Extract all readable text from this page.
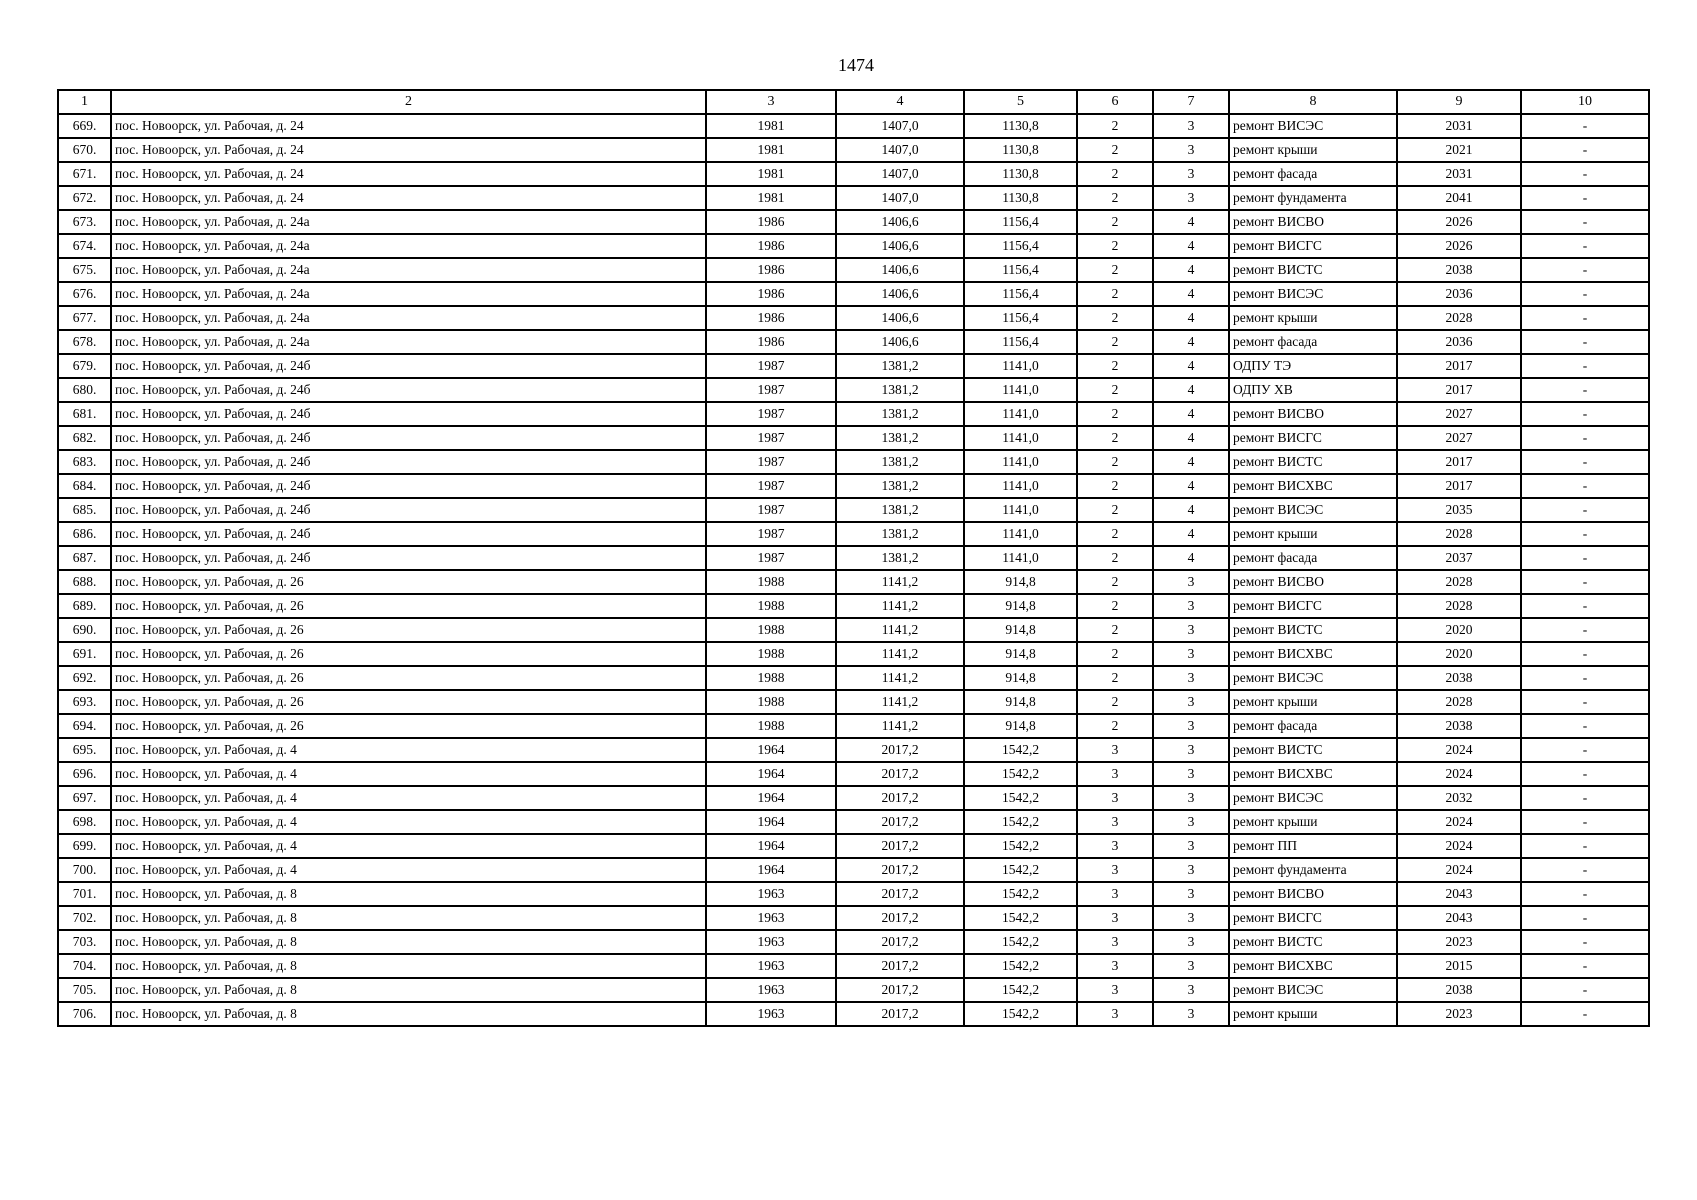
1474
1	2	3	4	5	6	7	8	9	10
669.	пос. Новоорск, ул. Рабочая, д. 24	1981	1407,0	1130,8	2	3	ремонт ВИСЭС	2031	-
670.	пос. Новоорск, ул. Рабочая, д. 24	1981	1407,0	1130,8	2	3	ремонт крыши	2021	-
671.	пос. Новоорск, ул. Рабочая, д. 24	1981	1407,0	1130,8	2	3	ремонт фасада	2031	-
672.	пос. Новоорск, ул. Рабочая, д. 24	1981	1407,0	1130,8	2	3	ремонт фундамента	2041	-
673.	пос. Новоорск, ул. Рабочая, д. 24а	1986	1406,6	1156,4	2	4	ремонт ВИСВО	2026	-
674.	пос. Новоорск, ул. Рабочая, д. 24а	1986	1406,6	1156,4	2	4	ремонт ВИСГС	2026	-
675.	пос. Новоорск, ул. Рабочая, д. 24а	1986	1406,6	1156,4	2	4	ремонт ВИСТС	2038	-
676.	пос. Новоорск, ул. Рабочая, д. 24а	1986	1406,6	1156,4	2	4	ремонт ВИСЭС	2036	-
677.	пос. Новоорск, ул. Рабочая, д. 24а	1986	1406,6	1156,4	2	4	ремонт крыши	2028	-
678.	пос. Новоорск, ул. Рабочая, д. 24а	1986	1406,6	1156,4	2	4	ремонт фасада	2036	-
679.	пос. Новоорск, ул. Рабочая, д. 24б	1987	1381,2	1141,0	2	4	ОДПУ ТЭ	2017	-
680.	пос. Новоорск, ул. Рабочая, д. 24б	1987	1381,2	1141,0	2	4	ОДПУ ХВ	2017	-
681.	пос. Новоорск, ул. Рабочая, д. 24б	1987	1381,2	1141,0	2	4	ремонт ВИСВО	2027	-
682.	пос. Новоорск, ул. Рабочая, д. 24б	1987	1381,2	1141,0	2	4	ремонт ВИСГС	2027	-
683.	пос. Новоорск, ул. Рабочая, д. 24б	1987	1381,2	1141,0	2	4	ремонт ВИСТС	2017	-
684.	пос. Новоорск, ул. Рабочая, д. 24б	1987	1381,2	1141,0	2	4	ремонт ВИСХВС	2017	-
685.	пос. Новоорск, ул. Рабочая, д. 24б	1987	1381,2	1141,0	2	4	ремонт ВИСЭС	2035	-
686.	пос. Новоорск, ул. Рабочая, д. 24б	1987	1381,2	1141,0	2	4	ремонт крыши	2028	-
687.	пос. Новоорск, ул. Рабочая, д. 24б	1987	1381,2	1141,0	2	4	ремонт фасада	2037	-
688.	пос. Новоорск, ул. Рабочая, д. 26	1988	1141,2	914,8	2	3	ремонт ВИСВО	2028	-
689.	пос. Новоорск, ул. Рабочая, д. 26	1988	1141,2	914,8	2	3	ремонт ВИСГС	2028	-
690.	пос. Новоорск, ул. Рабочая, д. 26	1988	1141,2	914,8	2	3	ремонт ВИСТС	2020	-
691.	пос. Новоорск, ул. Рабочая, д. 26	1988	1141,2	914,8	2	3	ремонт ВИСХВС	2020	-
692.	пос. Новоорск, ул. Рабочая, д. 26	1988	1141,2	914,8	2	3	ремонт ВИСЭС	2038	-
693.	пос. Новоорск, ул. Рабочая, д. 26	1988	1141,2	914,8	2	3	ремонт крыши	2028	-
694.	пос. Новоорск, ул. Рабочая, д. 26	1988	1141,2	914,8	2	3	ремонт фасада	2038	-
695.	пос. Новоорск, ул. Рабочая, д. 4	1964	2017,2	1542,2	3	3	ремонт ВИСТС	2024	-
696.	пос. Новоорск, ул. Рабочая, д. 4	1964	2017,2	1542,2	3	3	ремонт ВИСХВС	2024	-
697.	пос. Новоорск, ул. Рабочая, д. 4	1964	2017,2	1542,2	3	3	ремонт ВИСЭС	2032	-
698.	пос. Новоорск, ул. Рабочая, д. 4	1964	2017,2	1542,2	3	3	ремонт крыши	2024	-
699.	пос. Новоорск, ул. Рабочая, д. 4	1964	2017,2	1542,2	3	3	ремонт ПП	2024	-
700.	пос. Новоорск, ул. Рабочая, д. 4	1964	2017,2	1542,2	3	3	ремонт фундамента	2024	-
701.	пос. Новоорск, ул. Рабочая, д. 8	1963	2017,2	1542,2	3	3	ремонт ВИСВО	2043	-
702.	пос. Новоорск, ул. Рабочая, д. 8	1963	2017,2	1542,2	3	3	ремонт ВИСГС	2043	-
703.	пос. Новоорск, ул. Рабочая, д. 8	1963	2017,2	1542,2	3	3	ремонт ВИСТС	2023	-
704.	пос. Новоорск, ул. Рабочая, д. 8	1963	2017,2	1542,2	3	3	ремонт ВИСХВС	2015	-
705.	пос. Новоорск, ул. Рабочая, д. 8	1963	2017,2	1542,2	3	3	ремонт ВИСЭС	2038	-
706.	пос. Новоорск, ул. Рабочая, д. 8	1963	2017,2	1542,2	3	3	ремонт крыши	2023	-
